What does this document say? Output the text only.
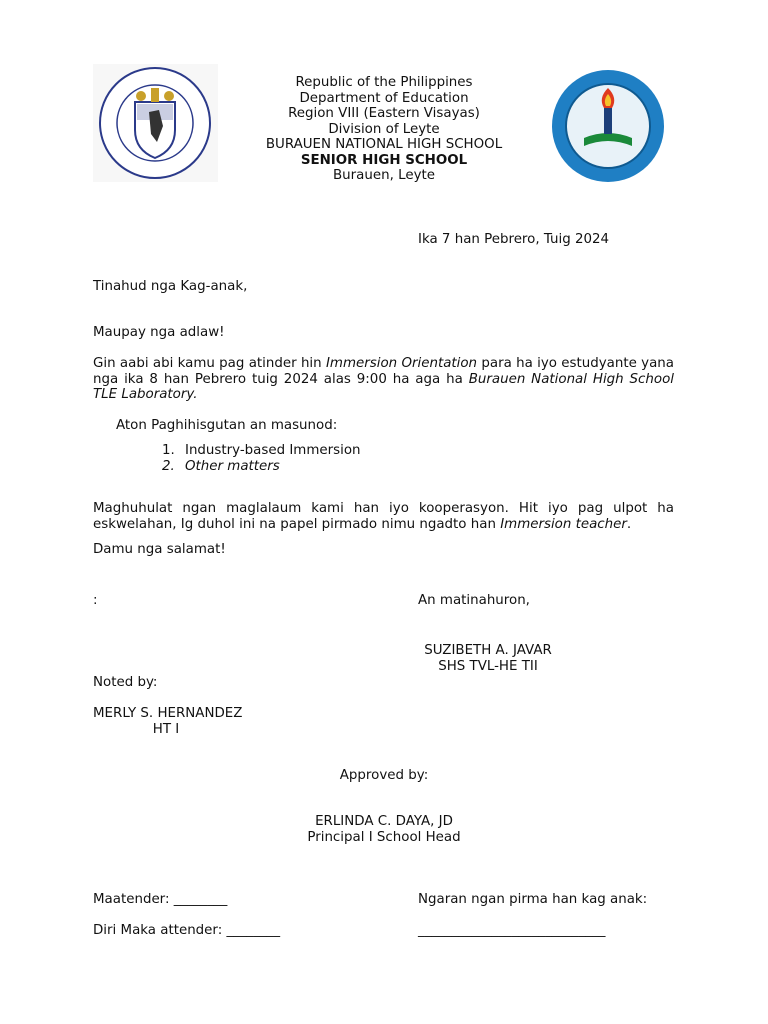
Republic of the Philippines
Department of Education
Region VIII (Eastern Visayas)
Division of Leyte
BURAUEN NATIONAL HIGH SCHOOL
SENIOR HIGH SCHOOL
Burauen, Leyte
Ika 7 han Pebrero, Tuig 2024
Tinahud nga Kag-anak,
Maupay nga adlaw!
Gin aabi abi kamu pag atinder hin Immersion Orientation para ha iyo estudyante yana nga ika 8 han Pebrero tuig 2024 alas 9:00 ha aga ha Burauen National High School TLE Laboratory.
Aton Paghihisgutan an masunod:
1. Industry-based Immersion
2. Other matters
Maghuhulat ngan maglalaum kami han iyo kooperasyon. Hit iyo pag ulpot ha eskwelahan, Ig duhol ini na papel pirmado nimu ngadto han Immersion teacher.
Damu nga salamat!
:	An matinahuron,
SUZIBETH A. JAVAR
SHS TVL-HE TII
Noted by:
MERLY S. HERNANDEZ
HT I
Approved by:
ERLINDA C. DAYA, JD
Principal I School Head
Maatender: ________	Ngaran ngan pirma han kag anak:
Diri Maka attender: ________	____________________________
